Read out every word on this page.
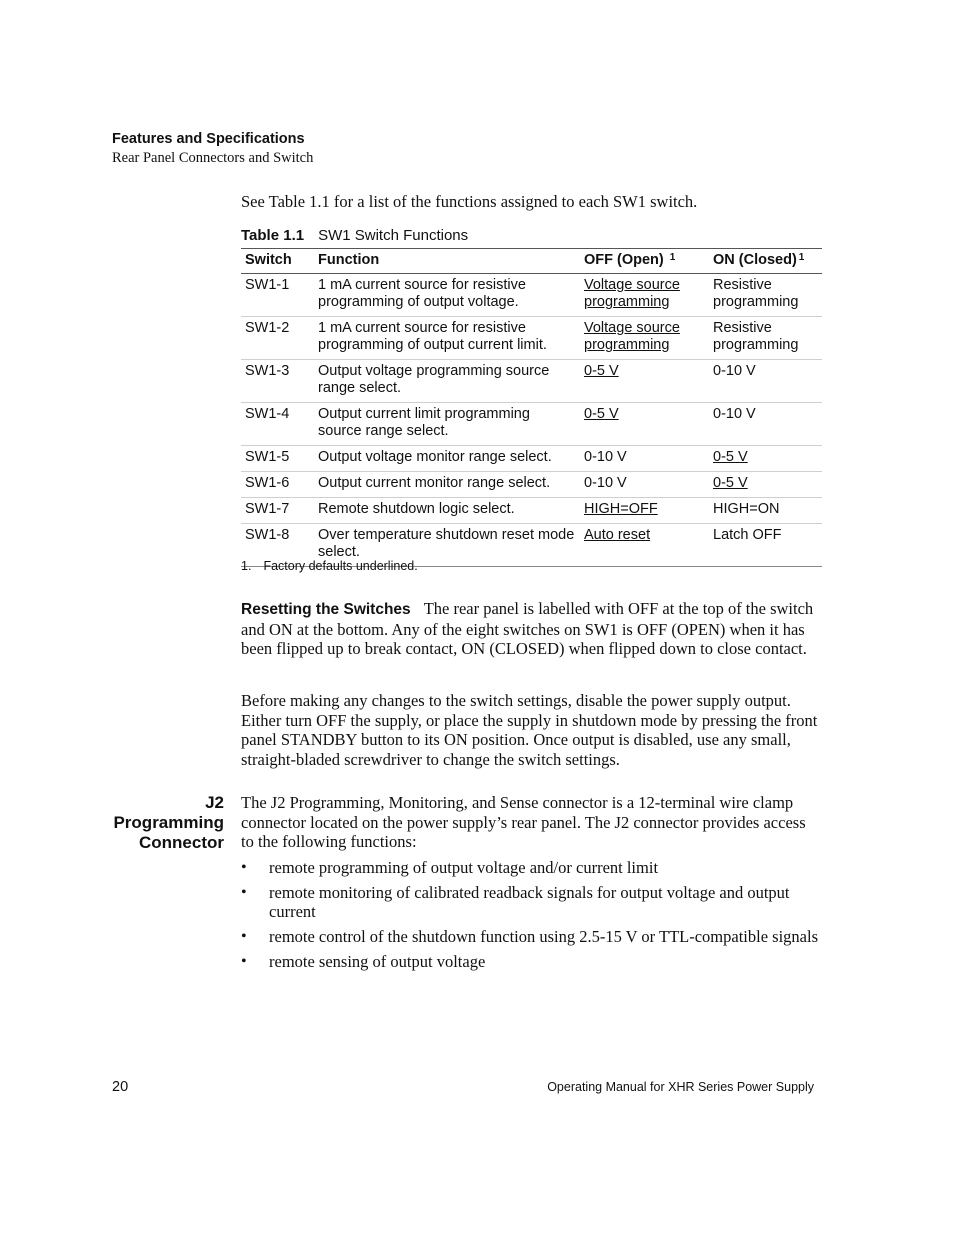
Features and Specifications
Rear Panel Connectors and Switch
See Table 1.1 for a list of the functions assigned to each SW1 switch.
Table 1.1 SW1 Switch Functions
Switch	Function	OFF (Open) $^1$	ON (Closed) $^1$
SW1-1	1 mA current source for resistive programming of output voltage.	Voltage source programming	Resistive programming
SW1-2	1 mA current source for resistive programming of output current limit.	Voltage source programming	Resistive programming
SW1-3	Output voltage programming source range select.	0-5 V	0-10 V
SW1-4	Output current limit programming source range select.	0-5 V	0-10 V
SW1-5	Output voltage monitor range select.	0-10 V	0-5 V
SW1-6	Output current monitor range select.	0-10 V	0-5 V
SW1-7	Remote shutdown logic select.	HIGH=OFF	HIGH=ON
SW1-8	Over temperature shutdown reset mode select.	Auto reset	Latch OFF
1. Factory defaults underlined.
Resetting the Switches The rear panel is labelled with OFF at the top of the switch and ON at the bottom. Any of the eight switches on SW1 is OFF (OPEN) when it has been flipped up to break contact, ON (CLOSED) when flipped down to close contact.
Before making any changes to the switch settings, disable the power supply output. Either turn OFF the supply, or place the supply in shutdown mode by pressing the front panel STANDBY button to its ON position. Once output is disabled, use any small, straight-bladed screwdriver to change the switch settings.
J2
Programming
Connector
The J2 Programming, Monitoring, and Sense connector is a 12-terminal wire clamp connector located on the power supply’s rear panel. The J2 connector provides access to the following functions:
• remote programming of output voltage and/or current limit
• remote monitoring of calibrated readback signals for output voltage and output current
• remote control of the shutdown function using 2.5-15 V or TTL-compatible signals
• remote sensing of output voltage
20	Operating Manual for XHR Series Power Supply
